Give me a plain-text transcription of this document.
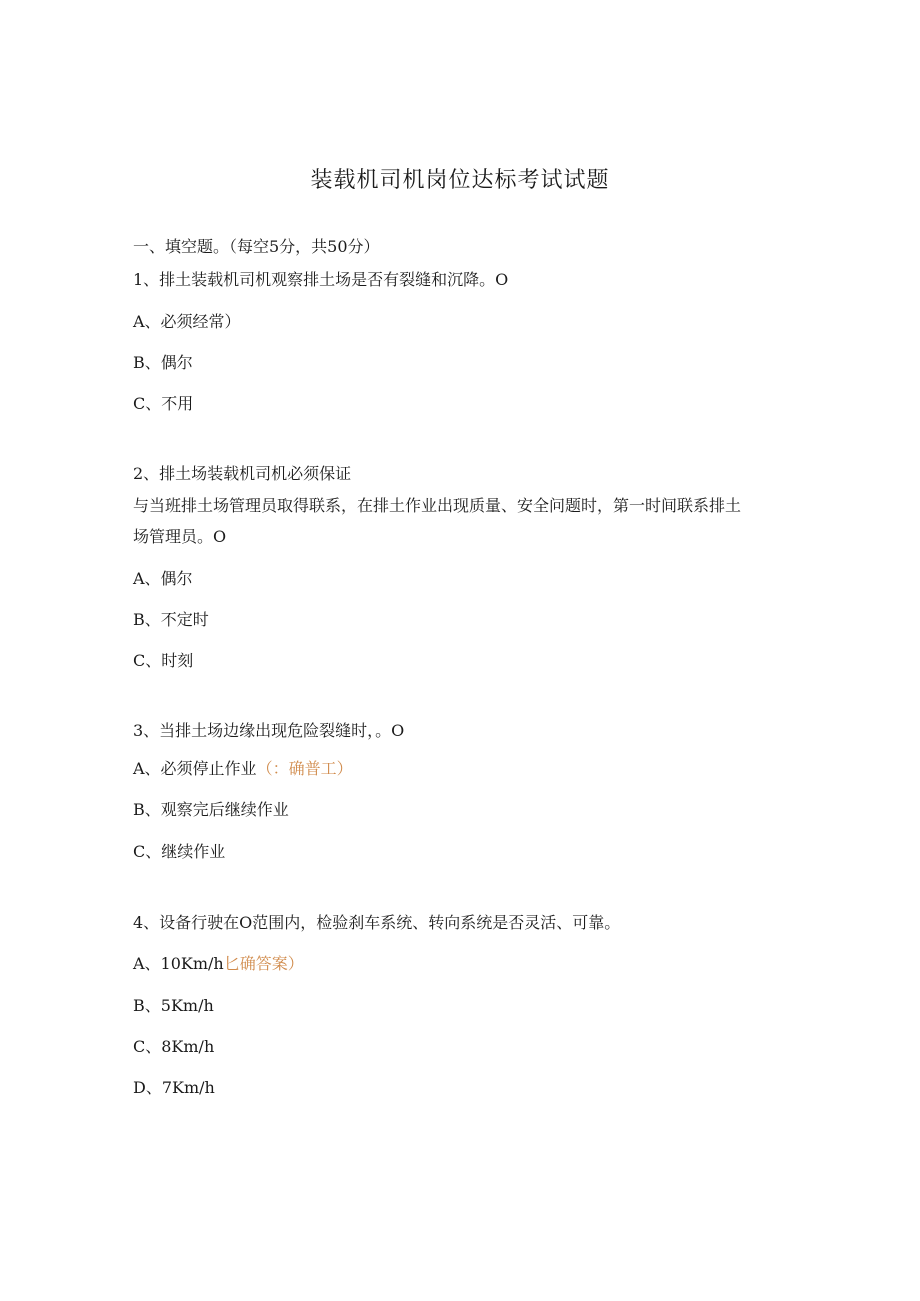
装载机司机岗位达标考试试题
一、填空题。（每空5分，共50分）
1、排土装载机司机观察排土场是否有裂缝和沉降。O
A、必须经常）
B、偶尔
C、不用
2、排土场装载机司机必须保证
与当班排土场管理员取得联系，在排土作业出现质量、安全问题时，第一时间联系排土
场管理员。O
A、偶尔
B、不定时
C、时刻
3、当排土场边缘出现危险裂缝时，。O
A、必须停止作业（：确普工）
B、观察完后继续作业
C、继续作业
4、设备行驶在O范围内，检验刹车系统、转向系统是否灵活、可靠。
A、10Km/h匕确答案）
B、5Km/h
C、8Km/h
D、7Km/h
